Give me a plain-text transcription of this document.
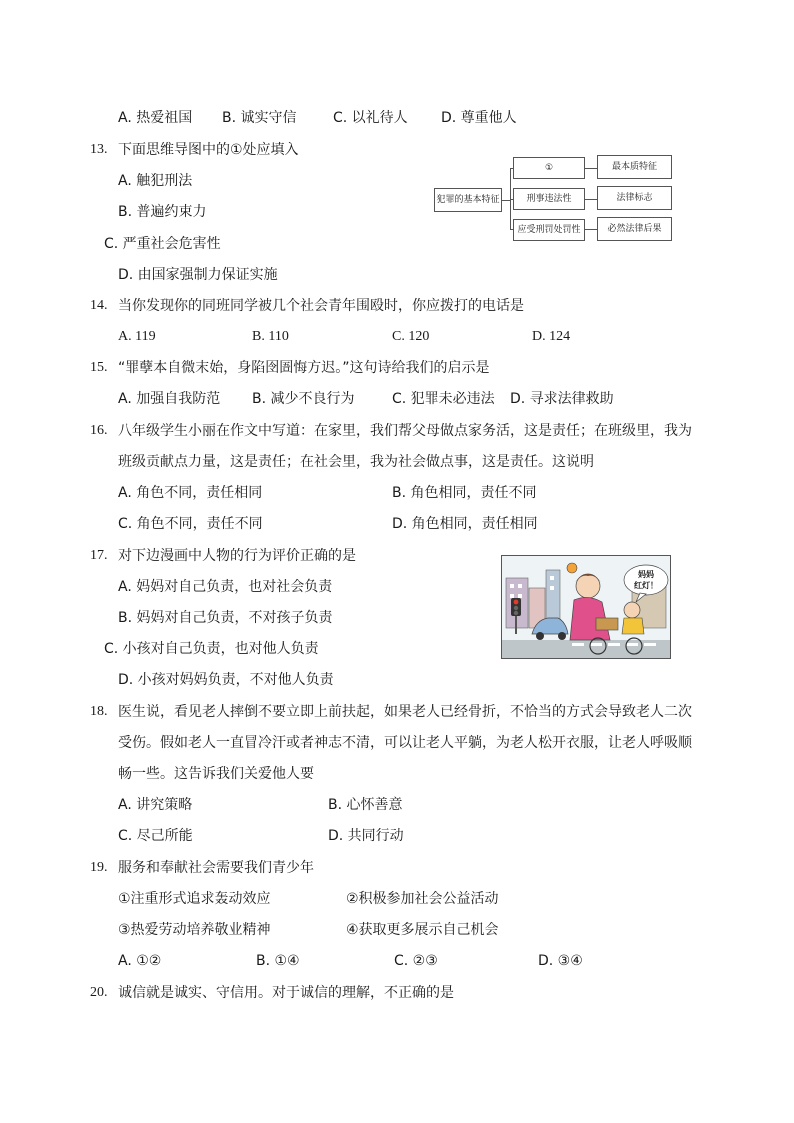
A. 热爱祖国 B. 诚实守信	C. 以礼待人 D. 尊重他人
13. 下面思维导图中的①处应填入
A. 触犯刑法
B. 普遍约束力
C. 严重社会危害性
D. 由国家强制力保证实施
犯罪的基本特征
①
刑事违法性
应受刑罚处罚性
最本质特征
法律标志
必然法律后果
14. 当你发现你的同班同学被几个社会青年围殴时，你应拨打的电话是
A. 119	B. 110	C. 120	D. 124
15. “罪孽本自微末始，身陷囹圄悔方迟。”这句诗给我们的启示是
A. 加强自我防范 B. 减少不良行为	C. 犯罪未必违法 D. 寻求法律救助
16. 八年级学生小丽在作文中写道：在家里，我们帮父母做点家务活，这是责任；在班级里，我为
班级贡献点力量，这是责任；在社会里，我为社会做点事，这是责任。这说明
A. 角色不同，责任相同	B. 角色相同，责任不同
C. 角色不同，责任不同	D. 角色相同，责任相同
17. 对下边漫画中人物的行为评价正确的是
A. 妈妈对自己负责，也对社会负责
B. 妈妈对自己负责，不对孩子负责
C. 小孩对自己负责，也对他人负责
D. 小孩对妈妈负责，不对他人负责
妈妈
红灯！
18. 医生说，看见老人摔倒不要立即上前扶起，如果老人已经骨折，不恰当的方式会导致老人二次
受伤。假如老人一直冒冷汗或者神志不清，可以让老人平躺，为老人松开衣服，让老人呼吸顺
畅一些。这告诉我们关爱他人要
A. 讲究策略	B. 心怀善意
C. 尽己所能	D. 共同行动
19. 服务和奉献社会需要我们青少年
①注重形式追求轰动效应	②积极参加社会公益活动
③热爱劳动培养敬业精神	④获取更多展示自己机会
A. ①②	B. ①④	C. ②③	D. ③④
20. 诚信就是诚实、守信用。对于诚信的理解，不正确的是
